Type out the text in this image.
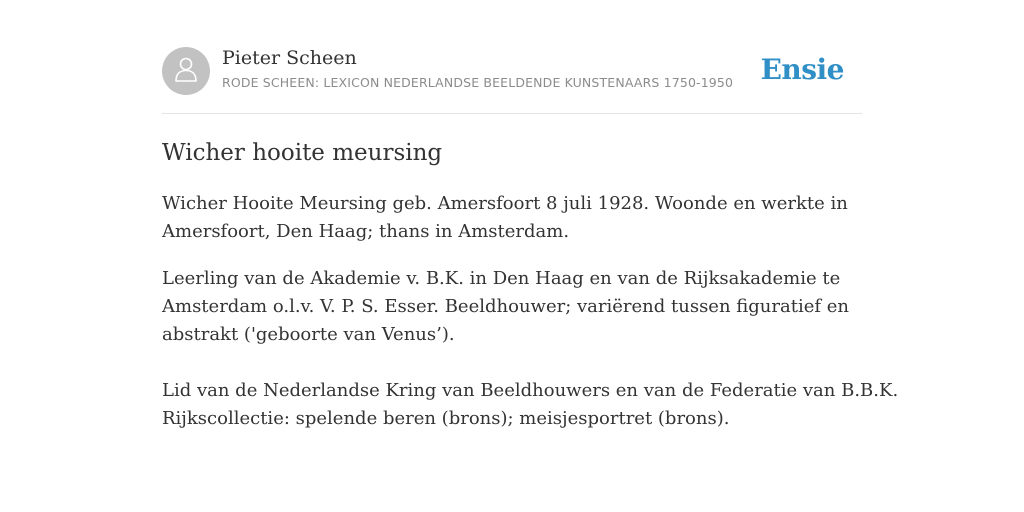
Pieter Scheen
RODE SCHEEN: LEXICON NEDERLANDSE BEELDENDE KUNSTENAARS 1750-1950 Ensie
Wicher hooite meursing

Wicher Hooite Meursing geb. Amersfoort 8 juli 1928. Woonde en werkte in
Amersfoort, Den Haag; thans in Amsterdam.

Leerling van de Akademie v. B.K. in Den Haag en van de Rijksakademie te
Amsterdam o.l.v. V. P. S. Esser. Beeldhouwer; variërend tussen figuratief en
abstrakt ('geboorte van Venus’).

Lid van de Nederlandse Kring van Beeldhouwers en van de Federatie van B.B.K.
Rijkscollectie: spelende beren (brons); meisjesportret (brons).
